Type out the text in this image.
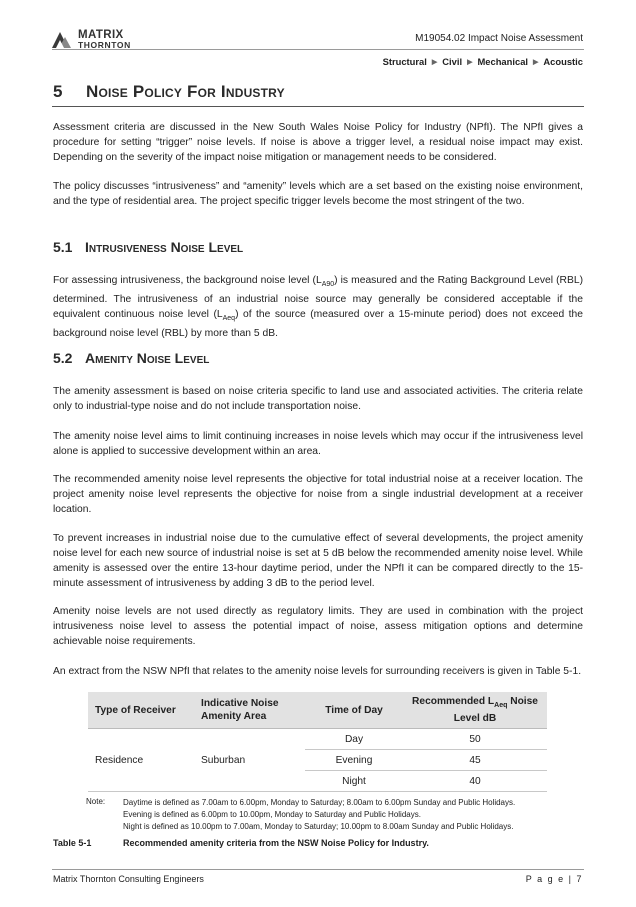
MATRIX
THORNTON
M19054.02 Impact Noise Assessment
Structural ▶ Civil ▶ Mechanical ▶ Acoustic
5 Noise Policy For Industry

Assessment criteria are discussed in the New South Wales Noise Policy for Industry (NPfI). The NPfI gives a procedure for setting “trigger” noise levels. If noise is above a trigger level, a residual noise impact may exist. Depending on the severity of the impact noise mitigation or management needs to be considered.

The policy discusses “intrusiveness” and “amenity” levels which are a set based on the existing noise environment, and the type of residential area. The project specific trigger levels become the most stringent of the two.

5.1 Intrusiveness Noise Level

For assessing intrusiveness, the background noise level $(L_{A90})$ is measured and the Rating Background Level (RBL) determined. The intrusiveness of an industrial noise source may generally be considered acceptable if the equivalent continuous noise level $(L_{Aeq})$ of the source (measured over a 15-minute period) does not exceed the background noise level (RBL) by more than 5 dB.

5.2 Amenity Noise Level

The amenity assessment is based on noise criteria specific to land use and associated activities. The criteria relate only to industrial-type noise and do not include transportation noise.

The amenity noise level aims to limit continuing increases in noise levels which may occur if the intrusiveness level alone is applied to successive development within an area.

The recommended amenity noise level represents the objective for total industrial noise at a receiver location. The project amenity noise level represents the objective for noise from a single industrial development at a receiver location.

To prevent increases in industrial noise due to the cumulative effect of several developments, the project amenity noise level for each new source of industrial noise is set at 5 dB below the recommended amenity noise level. While amenity is assessed over the entire 13-hour daytime period, under the NPfI it can be compared directly to the 15-minute assessment of intrusiveness by adding 3 dB to the period level.

Amenity noise levels are not used directly as regulatory limits. They are used in combination with the project intrusiveness noise level to assess the potential impact of noise, assess mitigation options and determine achievable noise requirements.

An extract from the NSW NPfI that relates to the amenity noise levels for surrounding receivers is given in Table 5-1.

Type of Receiver	Indicative Noise Amenity Area	Time of Day	Recommended $L_{Aeq}$ Noise Level dB
Residence	Suburban	Day	50
		Evening	45
		Night	40
Note: Daytime is defined as 7.00am to 6.00pm, Monday to Saturday; 8.00am to 6.00pm Sunday and Public Holidays.
Evening is defined as 6.00pm to 10.00pm, Monday to Saturday and Public Holidays.
Night is defined as 10.00pm to 7.00am, Monday to Saturday; 10.00pm to 8.00am Sunday and Public Holidays.
Table 5-1	Recommended amenity criteria from the NSW Noise Policy for Industry.
Matrix Thornton Consulting Engineers	P a g e | 7
